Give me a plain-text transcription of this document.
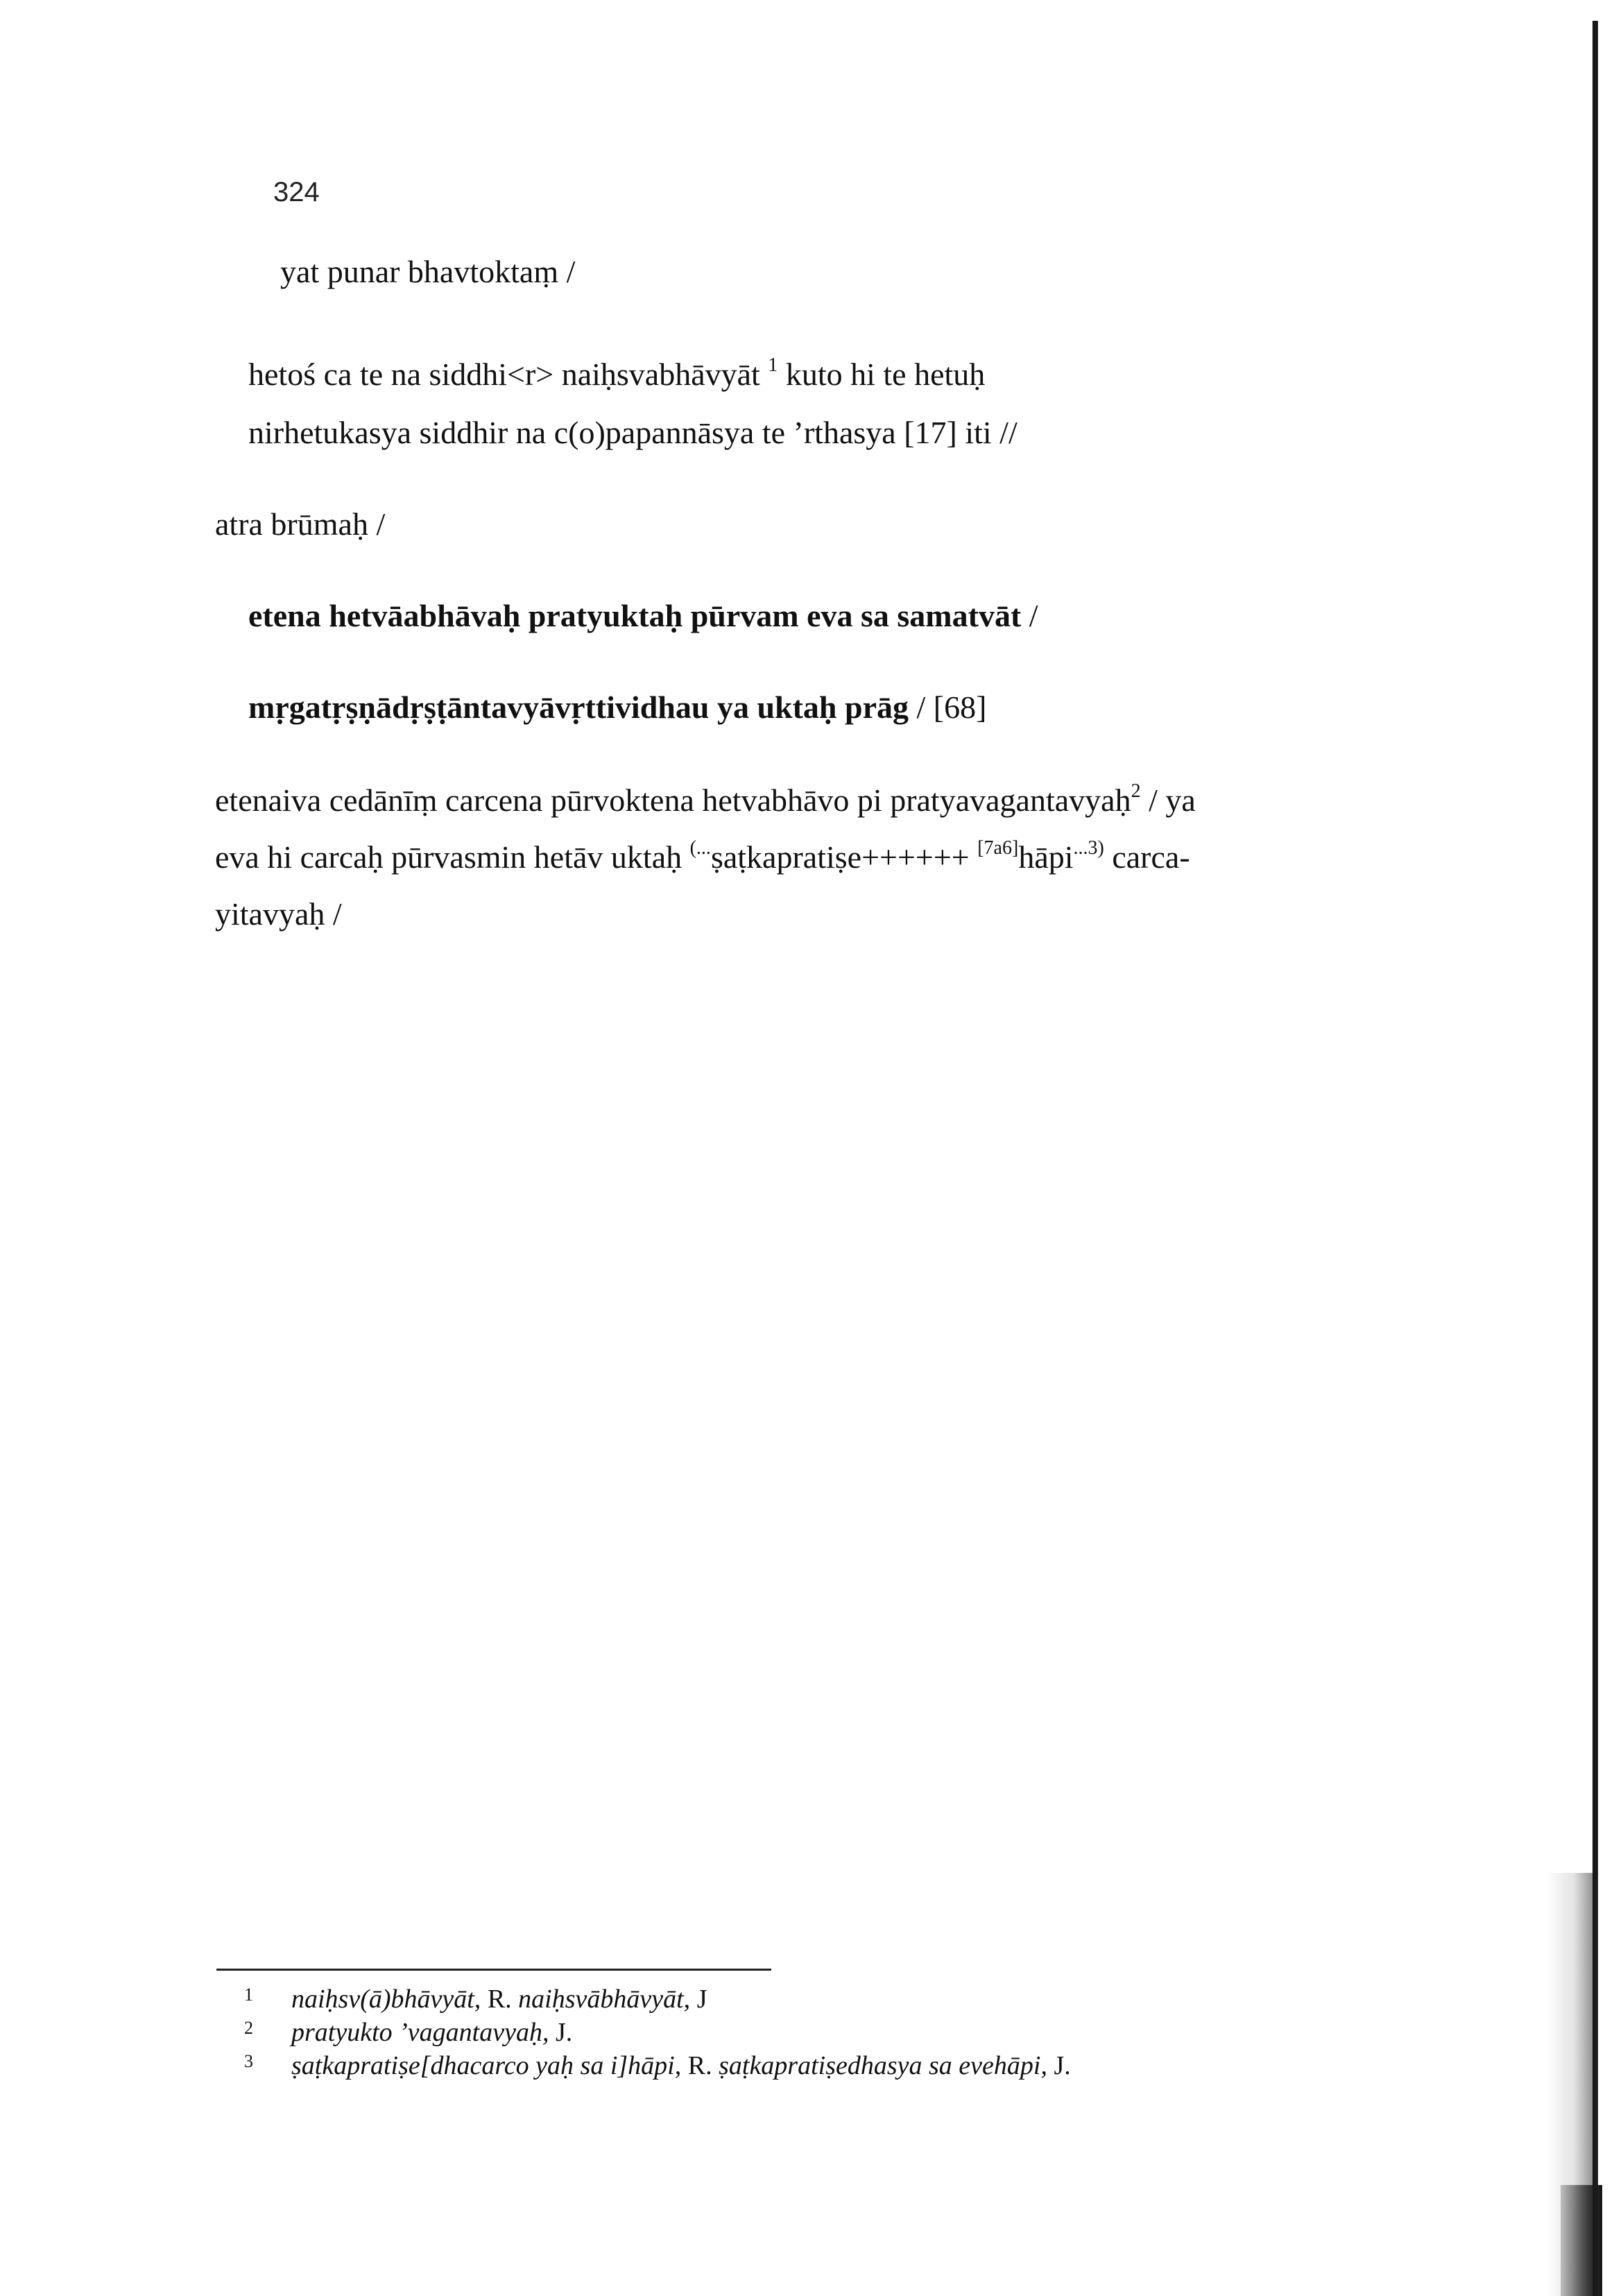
324
yat punar bhavtoktaṃ /
hetoś ca te na siddhi<r> naiḥsvabhāvyāt $^1$ kuto hi te hetuḥ
nirhetukasya siddhir na c(o)papannāsya te ’rthasya [17] iti //
atra brūmaḥ /
etena hetvāabhāvaḥ pratyuktaḥ pūrvam eva sa samatvāt /
mṛgatṛṣṇādṛṣṭāntavyāvṛttividhau ya uktaḥ prāg / [68]
etenaiva cedānīṃ carcena pūrvoktena hetvabhāvo pi pratyavagantavyaḥ$^2$ / ya
eva hi carcaḥ pūrvasmin hetāv uktaḥ (...ṣaṭkapratiṣe++++++ [7a6]hāpi$^{...3)}$ carca-
yitavyaḥ /
1 naiḥsv(ā)bhāvyāt, R. naiḥsvābhāvyāt, J
2 pratyukto ’vagantavyaḥ, J.
3 ṣaṭkapratiṣe[dhacarco yaḥ sa i]hāpi, R. ṣaṭkapratiṣedhasya sa evehāpi, J.
